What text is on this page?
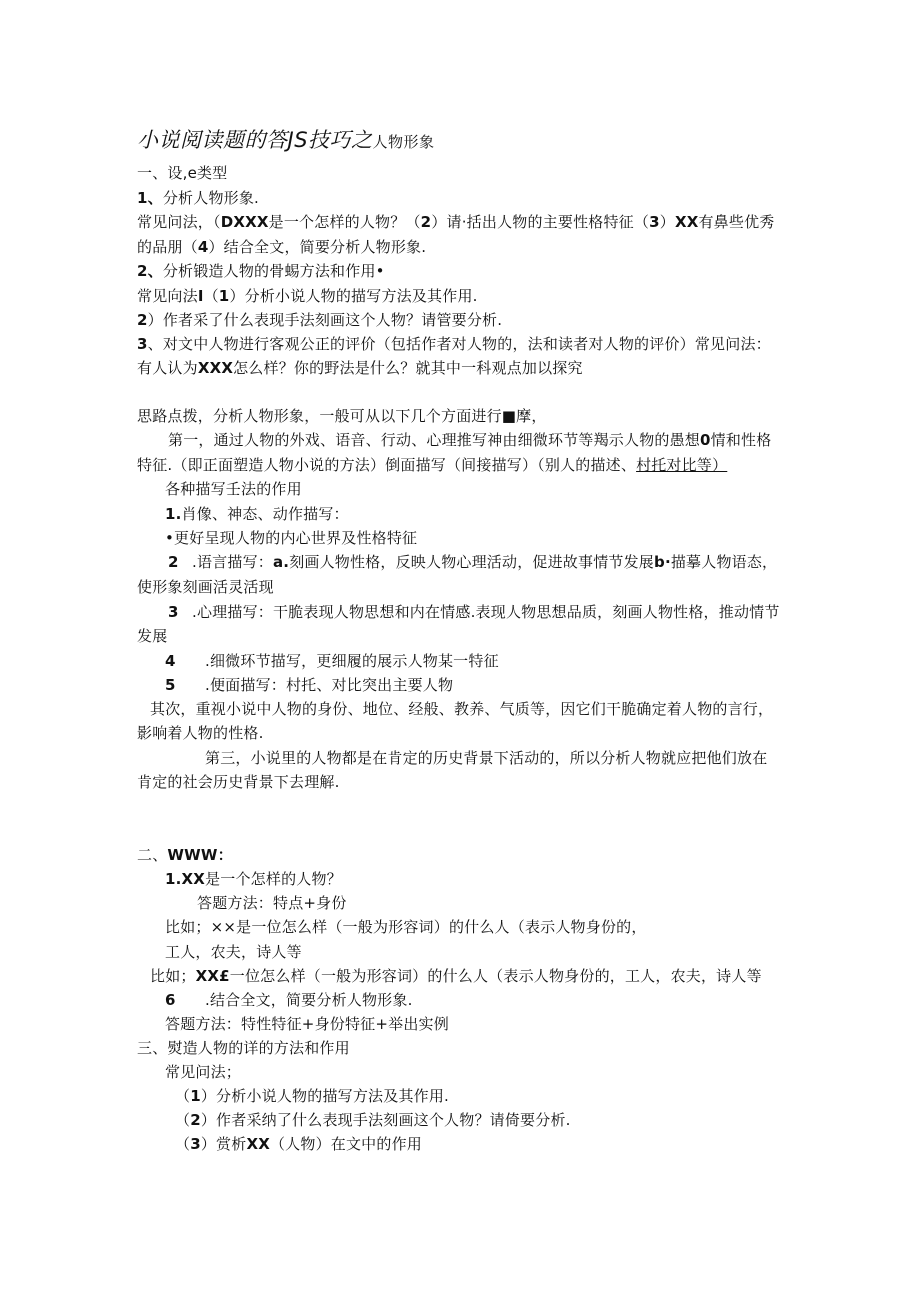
小说阅读题的答JS技巧之人物形象
一、设,e类型
1、分析人物形象.
常见问法，（DXXX是一个怎样的人物？（2）请·括出人物的主要性格特征（3）XX有鼻些优秀
的品朋（4）结合全文，简要分析人物形象.
2、分析锻造人物的骨蜴方法和作用•
常见向法I（1）分析小说人物的描写方法及其作用.
2）作者采了什么表现手法刻画这个人物？请管要分析.
3、对文中人物进行客观公正的评价（包括作者对人物的，法和读者对人物的评价）常见问法：
有人认为XXX怎么样？你的野法是什么？就其中一科观点加以探究
思路点拨，分析人物形象，一般可从以下几个方面进行■摩，
第一，通过人物的外戏、语音、行动、心理推写神由细微环节等羯示人物的愚想0情和性格
特征.（即正面塑造人物小说的方法）倒面描写（间接描写）（别人的描述、村托对比等）
各种描写壬法的作用
1.肖像、神态、动作描写：
•更好呈现人物的内心世界及性格特征
2 .语言描写：a.刻画人物性格，反映人物心理活动，促进故事情节发展b·描摹人物语态，
使形象刻画活灵活现
3 .心理描写：干脆表现人物思想和内在情感.表现人物思想品质，刻画人物性格，推动情节
发展
4 .细微环节描写，更细履的展示人物某一特征
5 .便面描写：村托、对比突出主要人物
其次，重视小说中人物的身份、地位、经般、教养、气质等，因它们干脆确定着人物的言行，
影响着人物的性格.
第三，小说里的人物都是在肯定的历史背景下活动的，所以分析人物就应把他们放在
肯定的社会历史背景下去理解.
二、WWW：
1.XX是一个怎样的人物？
答题方法：特点+身份
比如；××是一位怎么样（一般为形容词）的什么人（表示人物身份的，
工人，农夫，诗人等
比如；XX£一位怎么样（一般为形容词）的什么人（表示人物身份的，工人，农夫，诗人等
6 .结合全文，简要分析人物形象.
答题方法：特性特征+身份特征+举出实例
三、熨造人物的详的方法和作用
常见问法；
（1）分析小说人物的描写方法及其作用.
（2）作者采纳了什么表现手法刻画这个人物？请倚要分析.
（3）赏析XX（人物）在文中的作用
